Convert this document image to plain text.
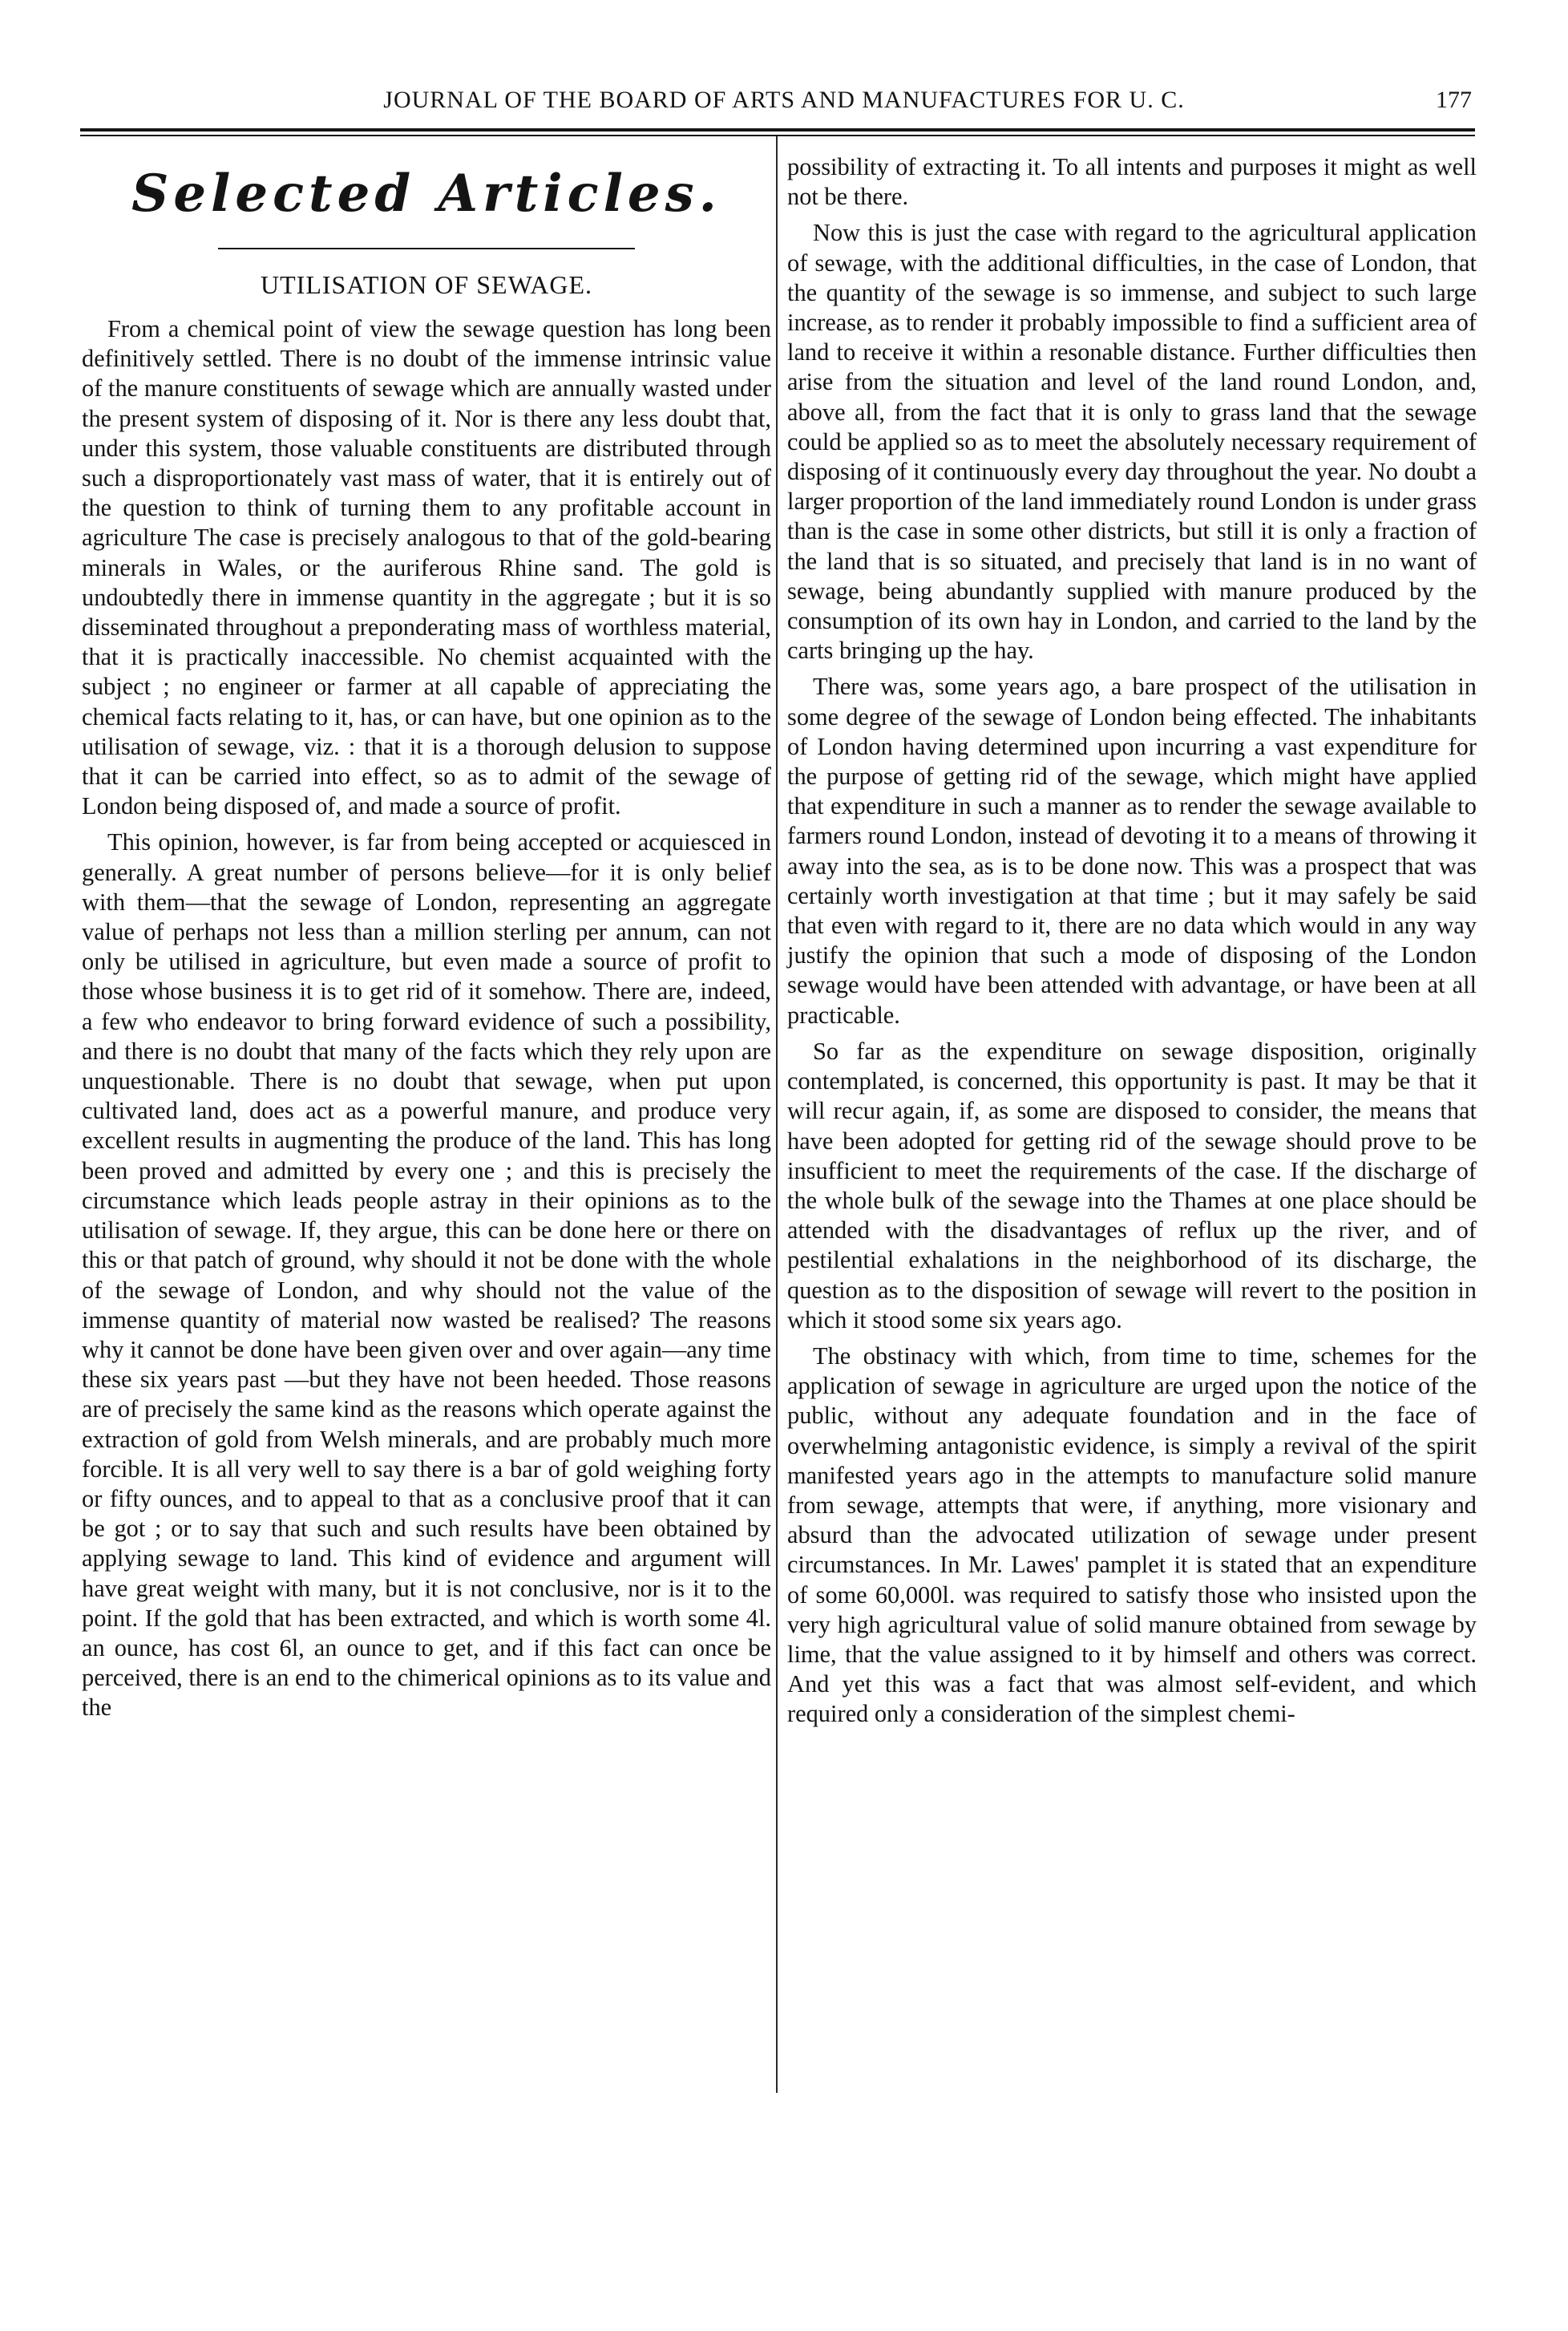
JOURNAL OF THE BOARD OF ARTS AND MANUFACTURES FOR U. C.	177
Selected Articles.
UTILISATION OF SEWAGE.

From a chemical point of view the sewage question has long been definitively settled. There is no doubt of the immense intrinsic value of the manure constituents of sewage which are annually wasted under the present system of disposing of it. Nor is there any less doubt that, under this system, those valuable constituents are distributed through such a disproportionately vast mass of water, that it is entirely out of the question to think of turning them to any profitable account in agriculture The case is precisely analogous to that of the gold-bearing minerals in Wales, or the auriferous Rhine sand. The gold is undoubtedly there in immense quantity in the aggregate ; but it is so disseminated throughout a preponderating mass of worthless material, that it is practically inaccessible. No chemist acquainted with the subject ; no engineer or farmer at all capable of appreciating the chemical facts relating to it, has, or can have, but one opinion as to the utilisation of sewage, viz. : that it is a thorough delusion to suppose that it can be carried into effect, so as to admit of the sewage of London being disposed of, and made a source of profit.

This opinion, however, is far from being accepted or acquiesced in generally. A great number of persons believe—for it is only belief with them—that the sewage of London, representing an aggregate value of perhaps not less than a million sterling per annum, can not only be utilised in agriculture, but even made a source of profit to those whose business it is to get rid of it somehow. There are, indeed, a few who endeavor to bring forward evidence of such a possibility, and there is no doubt that many of the facts which they rely upon are unquestionable. There is no doubt that sewage, when put upon cultivated land, does act as a powerful manure, and produce very excellent results in augmenting the produce of the land. This has long been proved and admitted by every one ; and this is precisely the circumstance which leads people astray in their opinions as to the utilisation of sewage. If, they argue, this can be done here or there on this or that patch of ground, why should it not be done with the whole of the sewage of London, and why should not the value of the immense quantity of material now wasted be realised? The reasons why it cannot be done have been given over and over again—any time these six years past —but they have not been heeded. Those reasons are of precisely the same kind as the reasons which operate against the extraction of gold from Welsh minerals, and are probably much more forcible. It is all very well to say there is a bar of gold weighing forty or fifty ounces, and to appeal to that as a conclusive proof that it can be got ; or to say that such and such results have been obtained by applying sewage to land. This kind of evidence and argument will have great weight with many, but it is not conclusive, nor is it to the point. If the gold that has been extracted, and which is worth some 4l. an ounce, has cost 6l, an ounce to get, and if this fact can once be perceived, there is an end to the chimerical opinions as to its value and the

possibility of extracting it. To all intents and purposes it might as well not be there.

Now this is just the case with regard to the agricultural application of sewage, with the additional difficulties, in the case of London, that the quantity of the sewage is so immense, and subject to such large increase, as to render it probably impossible to find a sufficient area of land to receive it within a resonable distance. Further difficulties then arise from the situation and level of the land round London, and, above all, from the fact that it is only to grass land that the sewage could be applied so as to meet the absolutely necessary requirement of disposing of it continuously every day throughout the year. No doubt a larger proportion of the land immediately round London is under grass than is the case in some other districts, but still it is only a fraction of the land that is so situated, and precisely that land is in no want of sewage, being abundantly supplied with manure produced by the consumption of its own hay in London, and carried to the land by the carts bringing up the hay.

There was, some years ago, a bare prospect of the utilisation in some degree of the sewage of London being effected. The inhabitants of London having determined upon incurring a vast expenditure for the purpose of getting rid of the sewage, which might have applied that expenditure in such a manner as to render the sewage available to farmers round London, instead of devoting it to a means of throwing it away into the sea, as is to be done now. This was a prospect that was certainly worth investigation at that time ; but it may safely be said that even with regard to it, there are no data which would in any way justify the opinion that such a mode of disposing of the London sewage would have been attended with advantage, or have been at all practicable.

So far as the expenditure on sewage disposition, originally contemplated, is concerned, this opportunity is past. It may be that it will recur again, if, as some are disposed to consider, the means that have been adopted for getting rid of the sewage should prove to be insufficient to meet the requirements of the case. If the discharge of the whole bulk of the sewage into the Thames at one place should be attended with the disadvantages of reflux up the river, and of pestilential exhalations in the neighborhood of its discharge, the question as to the disposition of sewage will revert to the position in which it stood some six years ago.

The obstinacy with which, from time to time, schemes for the application of sewage in agriculture are urged upon the notice of the public, without any adequate foundation and in the face of overwhelming antagonistic evidence, is simply a revival of the spirit manifested years ago in the attempts to manufacture solid manure from sewage, attempts that were, if anything, more visionary and absurd than the advocated utilization of sewage under present circumstances. In Mr. Lawes' pamplet it is stated that an expenditure of some 60,000l. was required to satisfy those who insisted upon the very high agricultural value of solid manure obtained from sewage by lime, that the value assigned to it by himself and others was correct. And yet this was a fact that was almost self-evident, and which required only a consideration of the simplest chemi-
